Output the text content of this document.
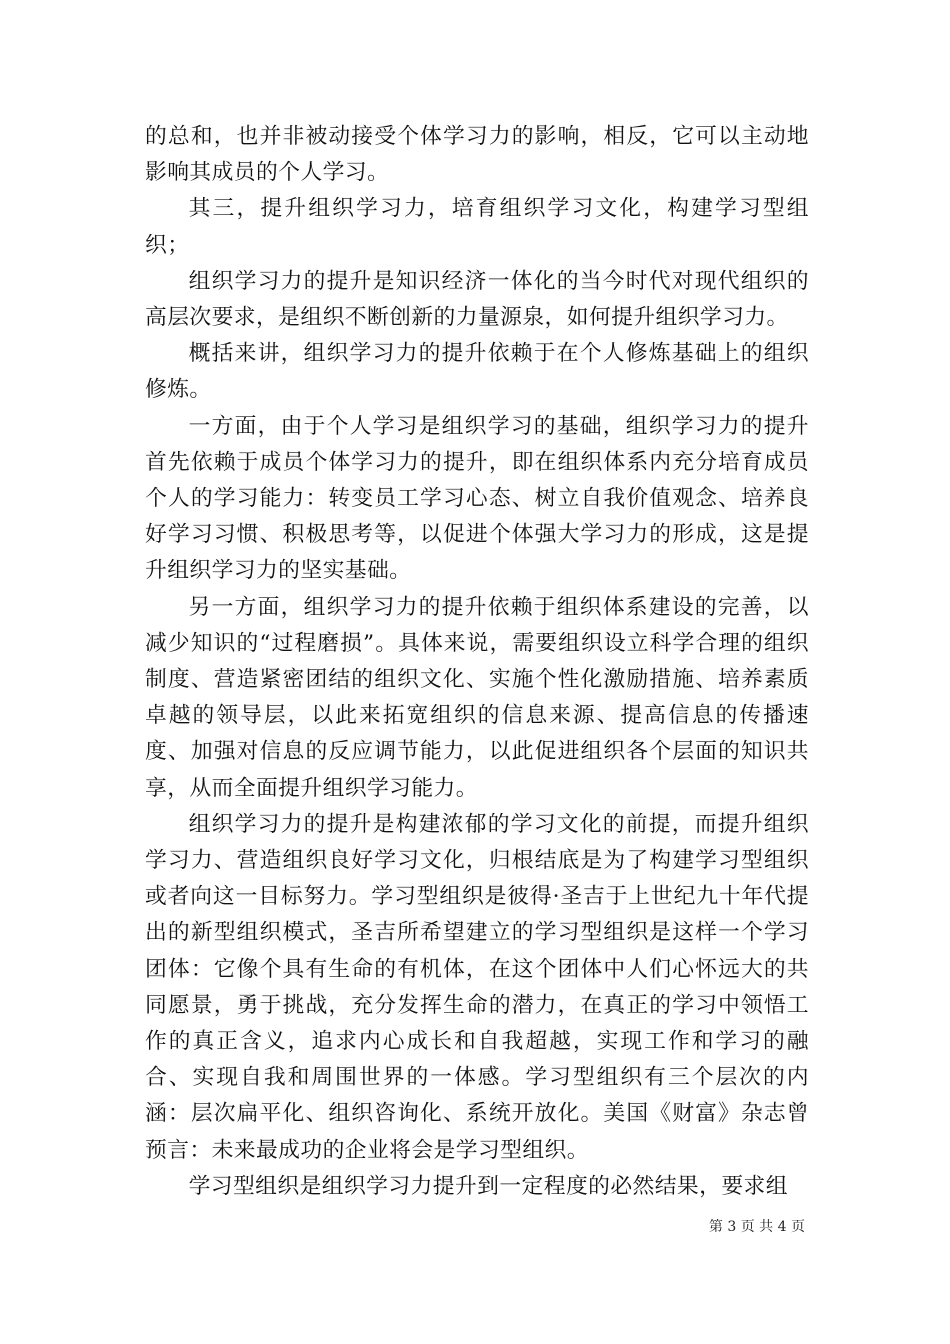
的总和，也并非被动接受个体学习力的影响，相反，它可以主动地影响其成员的个人学习。

其三，提升组织学习力，培育组织学习文化，构建学习型组织；

组织学习力的提升是知识经济一体化的当今时代对现代组织的高层次要求，是组织不断创新的力量源泉，如何提升组织学习力。

概括来讲，组织学习力的提升依赖于在个人修炼基础上的组织修炼。

一方面，由于个人学习是组织学习的基础，组织学习力的提升首先依赖于成员个体学习力的提升，即在组织体系内充分培育成员个人的学习能力：转变员工学习心态、树立自我价值观念、培养良好学习习惯、积极思考等，以促进个体强大学习力的形成，这是提升组织学习力的坚实基础。

另一方面，组织学习力的提升依赖于组织体系建设的完善，以减少知识的“过程磨损”。具体来说，需要组织设立科学合理的组织制度、营造紧密团结的组织文化、实施个性化激励措施、培养素质卓越的领导层，以此来拓宽组织的信息来源、提高信息的传播速度、加强对信息的反应调节能力，以此促进组织各个层面的知识共享，从而全面提升组织学习能力。

组织学习力的提升是构建浓郁的学习文化的前提，而提升组织学习力、营造组织良好学习文化，归根结底是为了构建学习型组织或者向这一目标努力。学习型组织是彼得·圣吉于上世纪九十年代提出的新型组织模式，圣吉所希望建立的学习型组织是这样一个学习团体：它像个具有生命的有机体，在这个团体中人们心怀远大的共同愿景，勇于挑战，充分发挥生命的潜力，在真正的学习中领悟工作的真正含义，追求内心成长和自我超越，实现工作和学习的融合、实现自我和周围世界的一体感。学习型组织有三个层次的内涵：层次扁平化、组织咨询化、系统开放化。美国《财富》杂志曾预言：未来最成功的企业将会是学习型组织。

学习型组织是组织学习力提升到一定程度的必然结果，要求组

第 3 页 共 4 页
